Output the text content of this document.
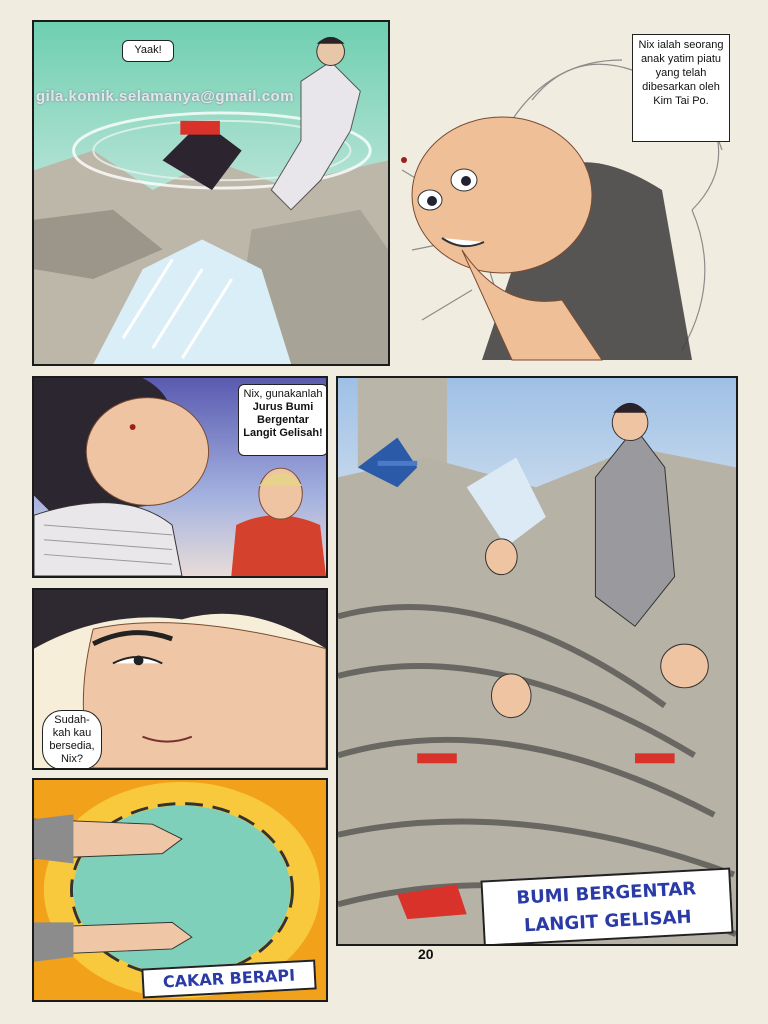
Yaak!
gila.komik.selamanya@gmail.com
Nix ialah seorang anak yatim piatu yang telah dibesarkan oleh Kim Tai Po.
Nix, gunakanlah
Jurus Bumi Bergentar Langit Gelisah!
Sudah-kah kau bersedia, Nix?
CAKAR BERAPI
BUMI BERGENTAR
LANGIT GELISAH
20
